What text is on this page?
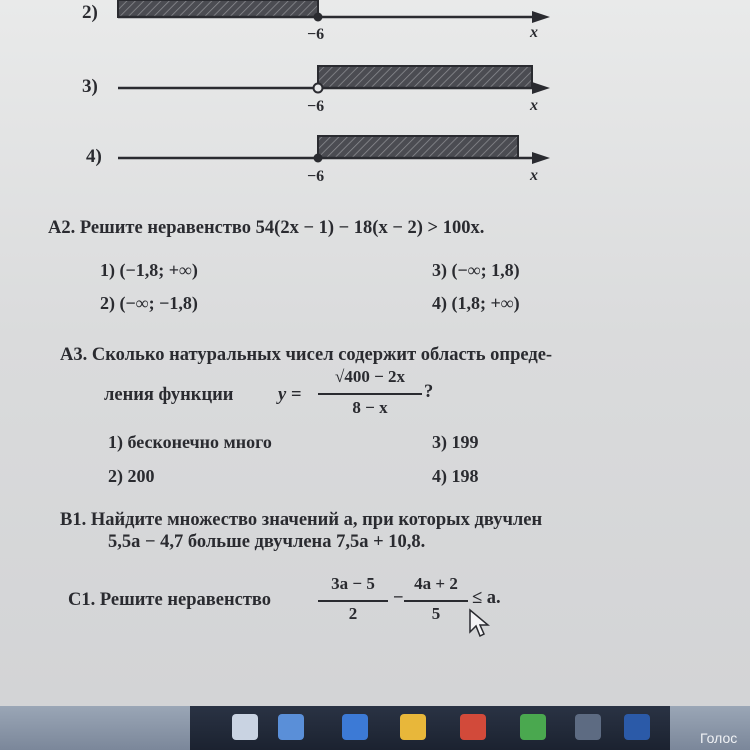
2)
−6	x
3)
−6	x
4)
−6	x
А2. Решите неравенство 54(2x − 1) − 18(x − 2) > 100x.
1) (−1,8; +∞)
2) (−∞; −1,8)
3) (−∞; 1,8)
4) (1,8; +∞)
А3. Сколько натуральных чисел содержит область опреде-
ления функции y =
√400 − 2x
8 − x
?
1) бесконечно много
2) 200
3) 199
4) 198
В1. Найдите множество значений a, при которых двучлен
5,5a − 4,7 больше двучлена 7,5a + 10,8.
С1. Решите неравенство
3a − 5
2
−
4a + 2
5
≤ a.
Голос
